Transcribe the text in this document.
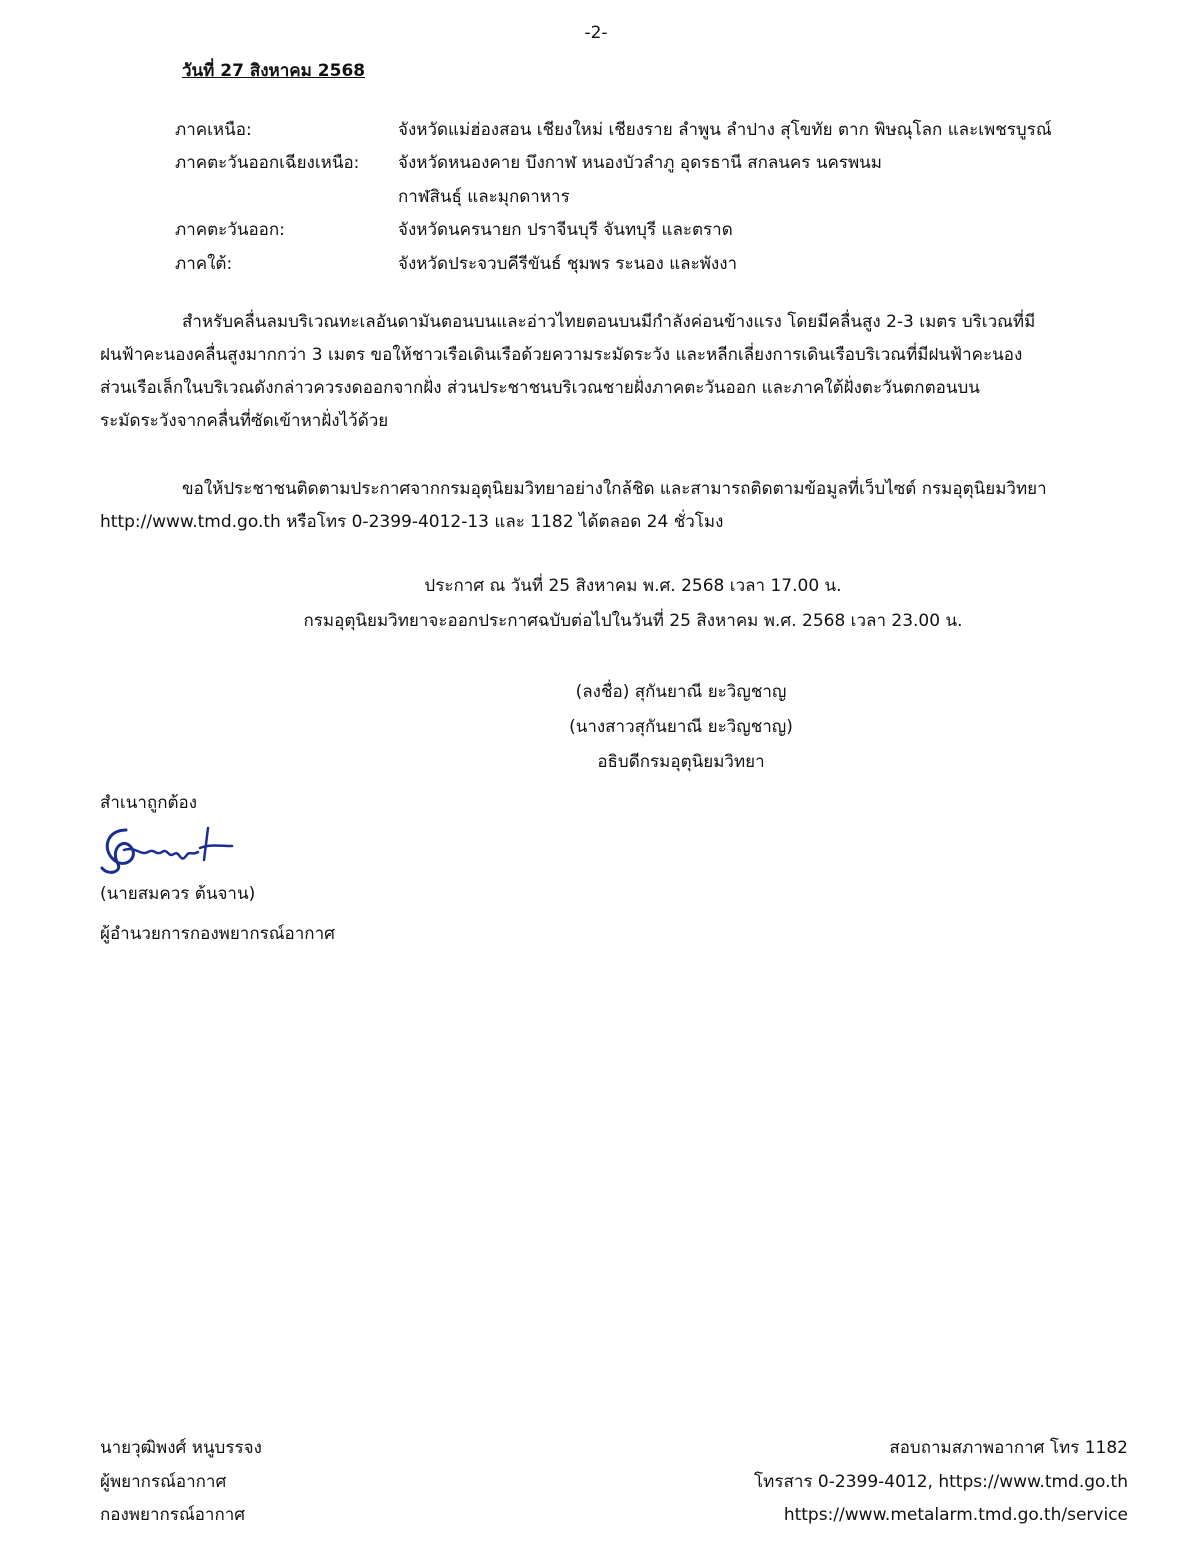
-2-
วันที่ 27 สิงหาคม 2568
ภาคเหนือ:	จังหวัดแม่ฮ่องสอน เชียงใหม่ เชียงราย ลำพูน ลำปาง สุโขทัย ตาก พิษณุโลก และเพชรบูรณ์
ภาคตะวันออกเฉียงเหนือ: จังหวัดหนองคาย บึงกาฬ หนองบัวลำภู อุดรธานี สกลนคร นครพนม
กาฬสินธุ์ และมุกดาหาร
ภาคตะวันออก:	จังหวัดนครนายก ปราจีนบุรี จันทบุรี และตราด
ภาคใต้:	จังหวัดประจวบคีรีขันธ์ ชุมพร ระนอง และพังงา
สำหรับคลื่นลมบริเวณทะเลอันดามันตอนบนและอ่าวไทยตอนบนมีกำลังค่อนข้างแรง โดยมีคลื่นสูง 2-3 เมตร บริเวณที่มี
ฝนฟ้าคะนองคลื่นสูงมากกว่า 3 เมตร ขอให้ชาวเรือเดินเรือด้วยความระมัดระวัง และหลีกเลี่ยงการเดินเรือบริเวณที่มีฝนฟ้าคะนอง
ส่วนเรือเล็กในบริเวณดังกล่าวควรงดออกจากฝั่ง ส่วนประชาชนบริเวณชายฝั่งภาคตะวันออก และภาคใต้ฝั่งตะวันตกตอนบน
ระมัดระวังจากคลื่นที่ซัดเข้าหาฝั่งไว้ด้วย
ขอให้ประชาชนติดตามประกาศจากกรมอุตุนิยมวิทยาอย่างใกล้ชิด และสามารถติดตามข้อมูลที่เว็บไซต์ กรมอุตุนิยมวิทยา
http://www.tmd.go.th หรือโทร 0-2399-4012-13 และ 1182 ได้ตลอด 24 ชั่วโมง
ประกาศ ณ วันที่ 25 สิงหาคม พ.ศ. 2568 เวลา 17.00 น.
กรมอุตุนิยมวิทยาจะออกประกาศฉบับต่อไปในวันที่ 25 สิงหาคม พ.ศ. 2568 เวลา 23.00 น.
(ลงชื่อ) สุกันยาณี ยะวิญชาญ
(นางสาวสุกันยาณี ยะวิญชาญ)
อธิบดีกรมอุตุนิยมวิทยา
สำเนาถูกต้อง
(นายสมควร ต้นจาน)
ผู้อำนวยการกองพยากรณ์อากาศ
นายวุฒิพงศ์ หนูบรรจง
ผู้พยากรณ์อากาศ
กองพยากรณ์อากาศ
สอบถามสภาพอากาศ โทร 1182
โทรสาร 0-2399-4012, https://www.tmd.go.th
https://www.metalarm.tmd.go.th/service
